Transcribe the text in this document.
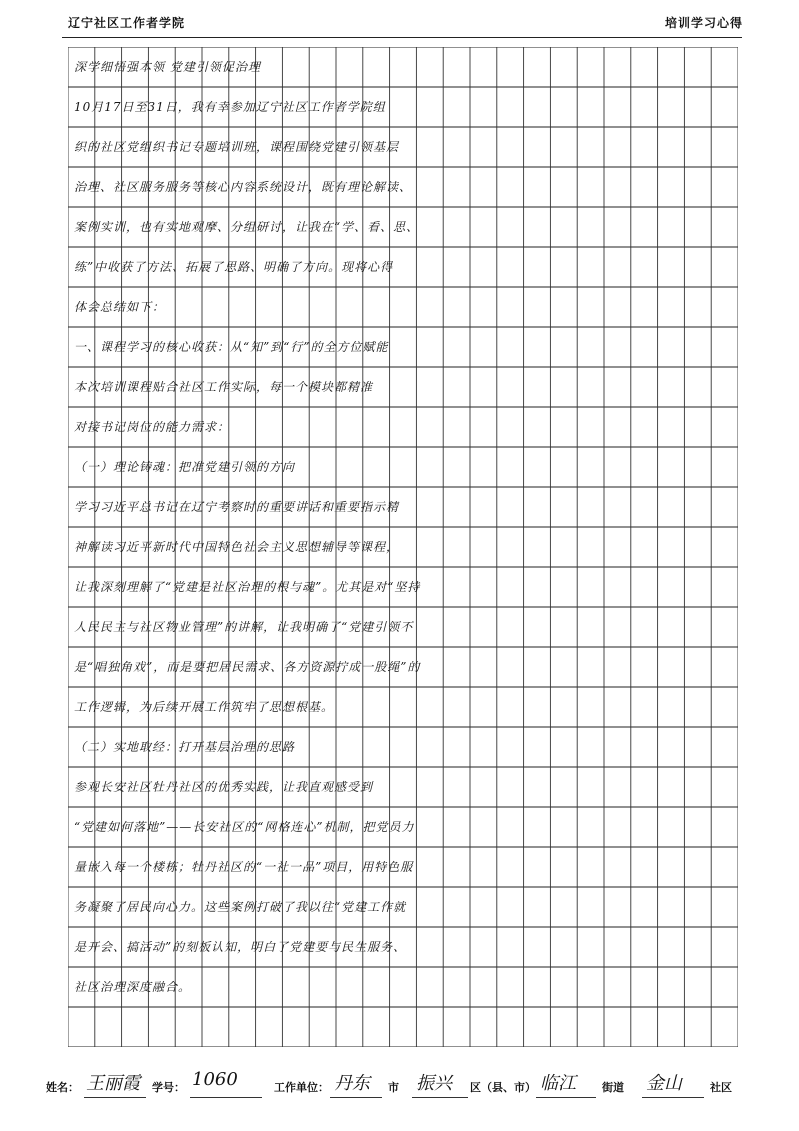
辽宁社区工作者学院	培训学习心得
深学细悟强本领 党建引领促治理
10月17日至31日，我有幸参加辽宁社区工作者学院组
织的社区党组织书记专题培训班，课程围绕党建引领基层
治理、社区服务服务等核心内容系统设计，既有理论解读、
案例实训，也有实地观摩、分组研讨，让我在“学、看、思、
练”中收获了方法、拓展了思路、明确了方向。现将心得
体会总结如下：
一、课程学习的核心收获：从“知”到“行”的全方位赋能
本次培训课程贴合社区工作实际，每一个模块都精准
对接书记岗位的能力需求：
（一）理论铸魂：把准党建引领的方向
学习习近平总书记在辽宁考察时的重要讲话和重要指示精
神解读习近平新时代中国特色社会主义思想辅导等课程，
让我深刻理解了“党建是社区治理的根与魂”。尤其是对“坚持
人民民主与社区物业管理”的讲解，让我明确了“党建引领不
是“唱独角戏”，而是要把居民需求、各方资源拧成一股绳”的
工作逻辑，为后续开展工作筑牢了思想根基。
（二）实地取经：打开基层治理的思路
参观长安社区牡丹社区的优秀实践，让我直观感受到
“党建如何落地”——长安社区的“网格连心”机制，把党员力
量嵌入每一个楼栋；牡丹社区的“一社一品”项目，用特色服
务凝聚了居民向心力。这些案例打破了我以往“党建工作就
是开会、搞活动”的刻板认知，明白了党建要与民生服务、
社区治理深度融合。
姓名： 王丽霞 学号： 1060	工作单位： 丹东 市 振兴 区（县、市） 临江 街道 金山	社区
